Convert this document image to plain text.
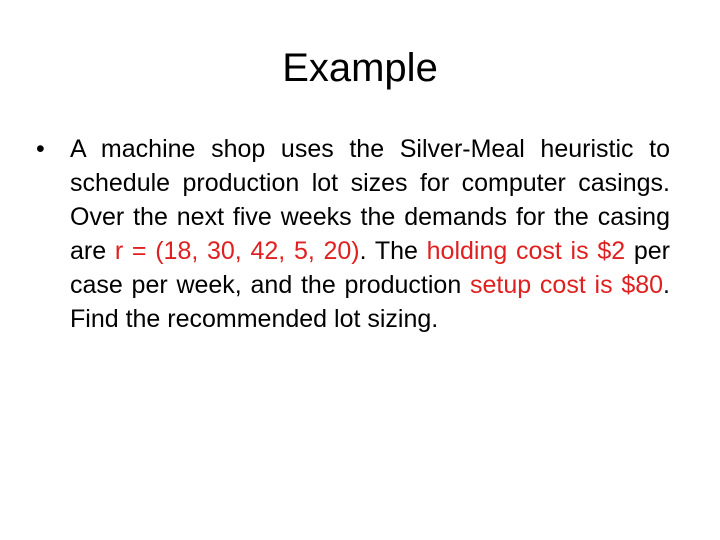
Example
•	A machine shop uses the Silver-Meal heuristic to schedule production lot sizes for computer casings. Over the next five weeks the demands for the casing are r = (18, 30, 42, 5, 20). The holding cost is $2 per case per week, and the production setup cost is $80. Find the recommended lot sizing.
